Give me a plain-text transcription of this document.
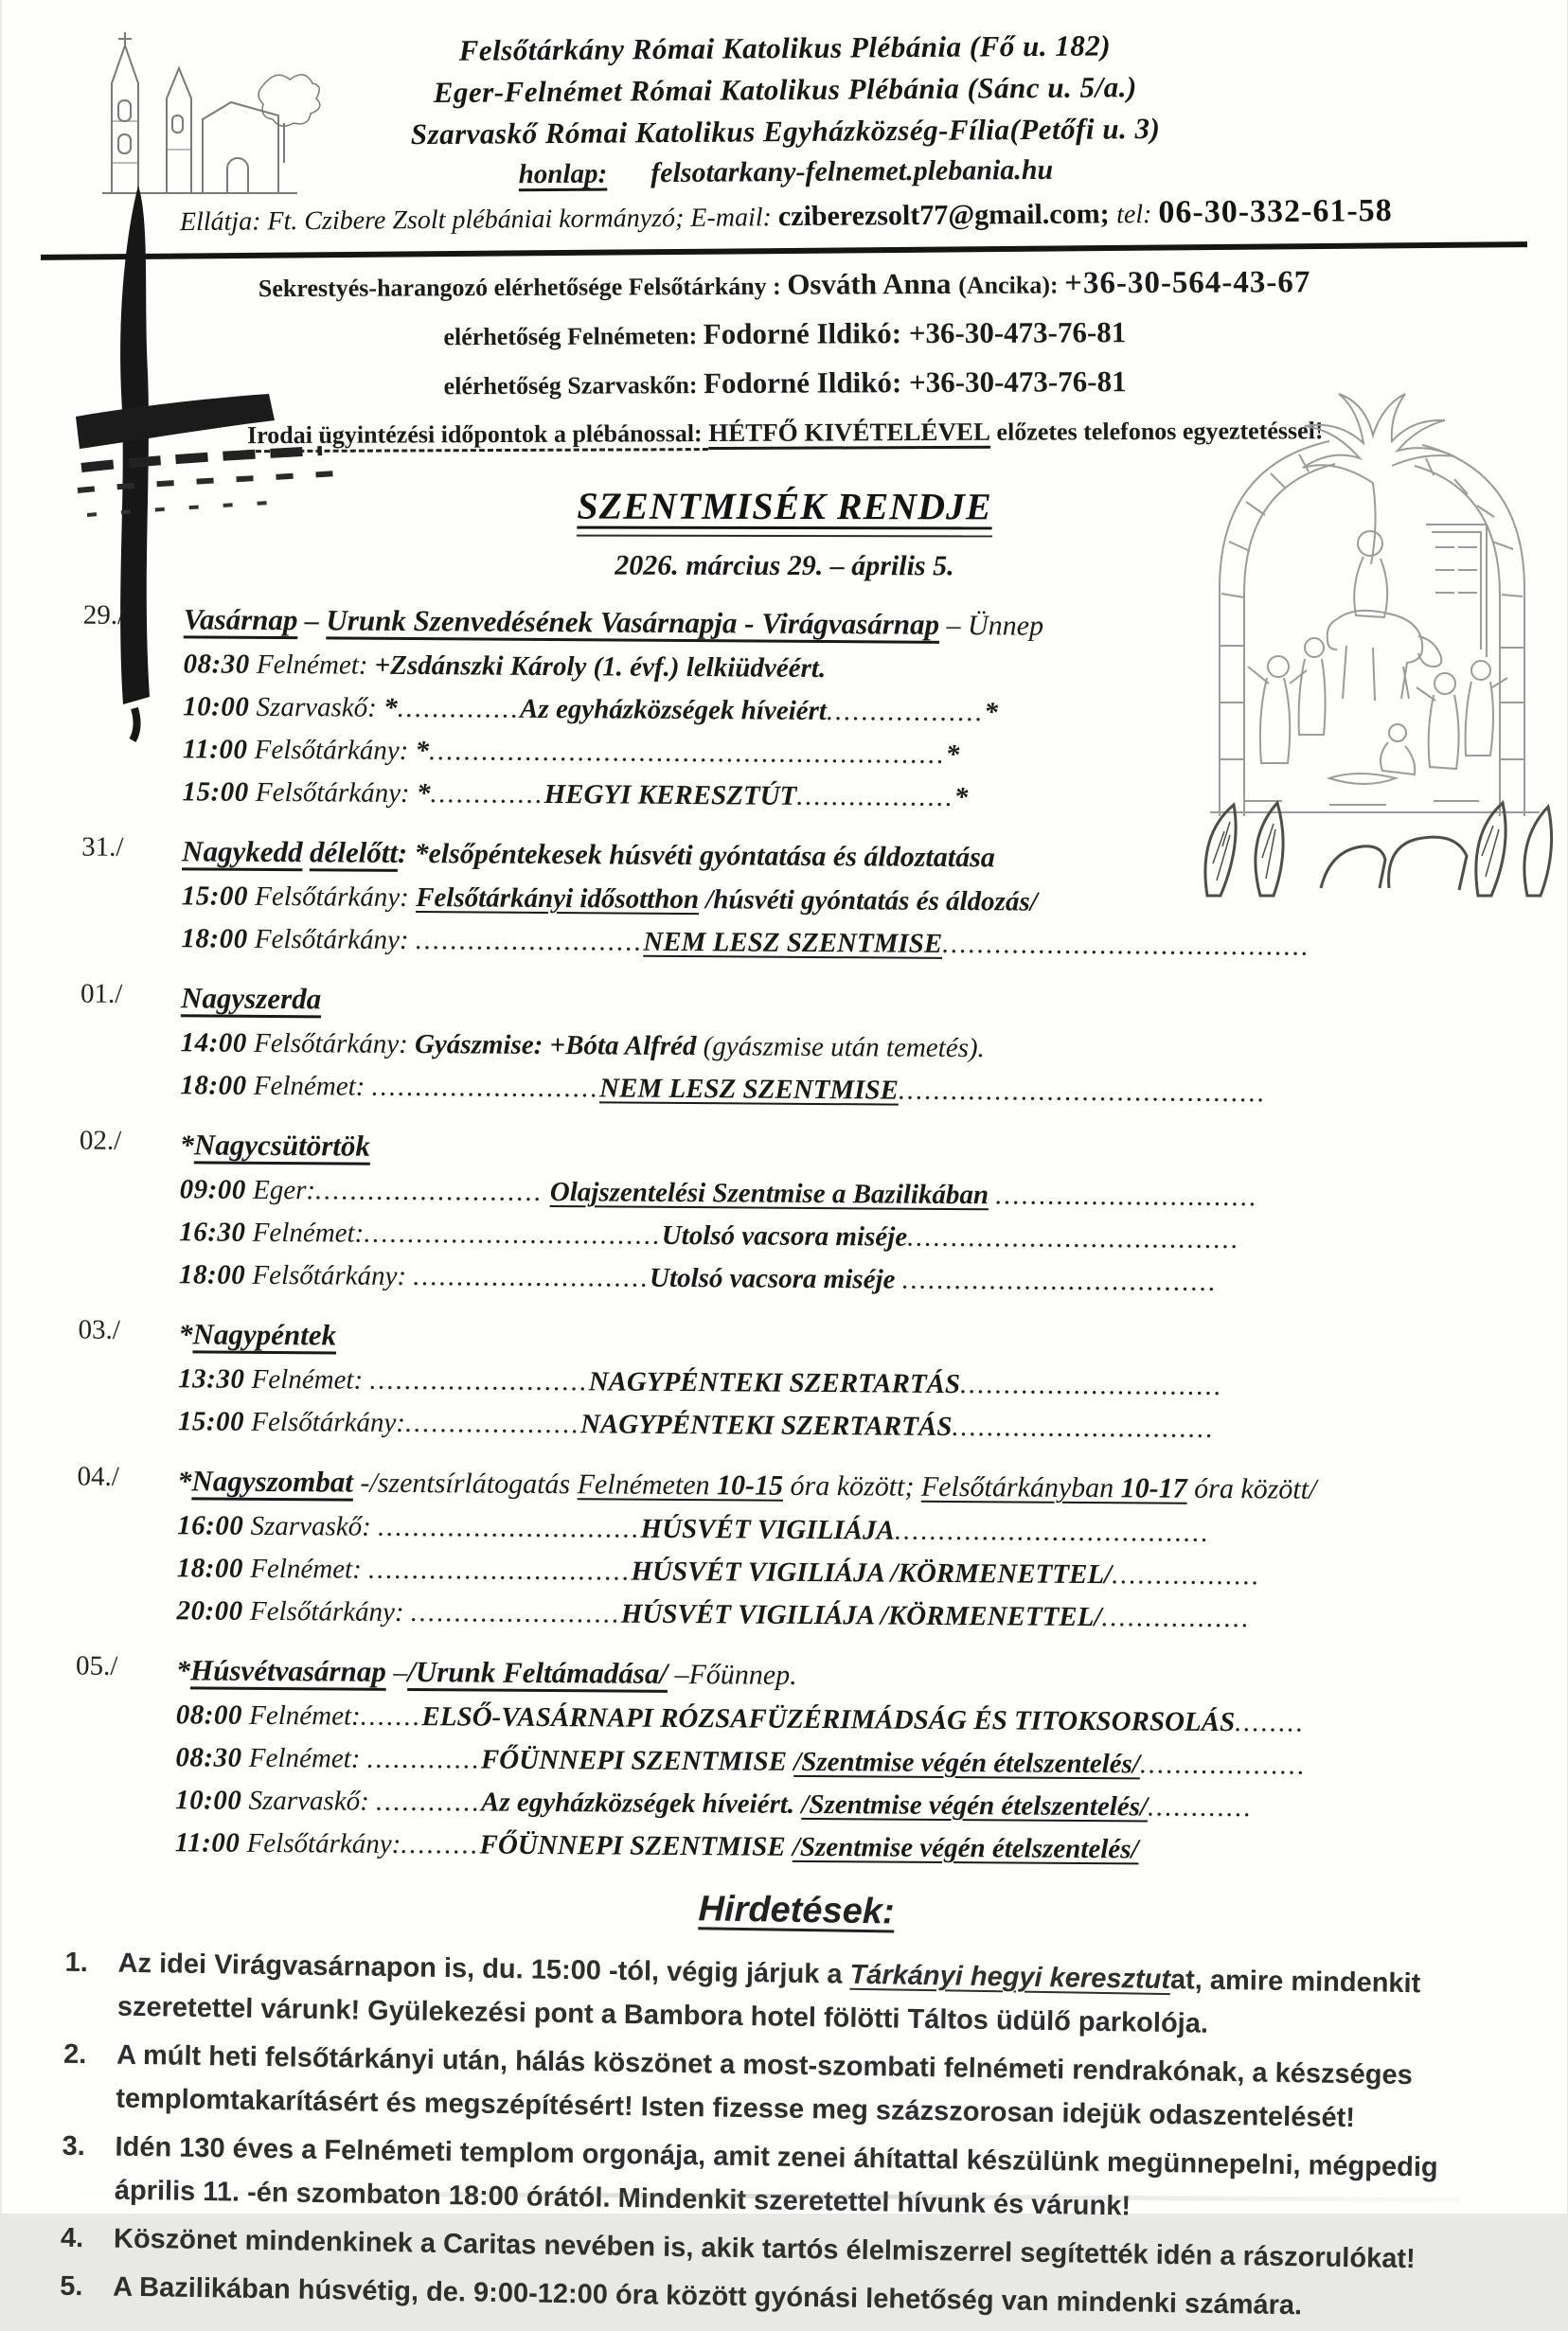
Felsőtárkány Római Katolikus Plébánia (Fő u. 182)
Eger-Felnémet Római Katolikus Plébánia (Sánc u. 5/a.)
Szarvaskő Római Katolikus Egyházközség-Fília(Petőfi u. 3)
honlap: felsotarkany-felnemet.plebania.hu
Ellátja: Ft. Czibere Zsolt plébániai kormányzó; E-mail: cziberezsolt77@gmail.com; tel: 06-30-332-61-58
Sekrestyés-harangozó elérhetősége Felsőtárkány : Osváth Anna (Ancika): +36-30-564-43-67
elérhetőség Felnémeten: Fodorné Ildikó: +36-30-473-76-81
elérhetőség Szarvaskőn: Fodorné Ildikó: +36-30-473-76-81
Irodai ügyintézési időpontok a plébánossal: HÉTFŐ KIVÉTELÉVEL előzetes telefonos egyeztetéssel!
SZENTMISÉK RENDJE
2026. március 29. – április 5.
29./	Vasárnap – Urunk Szenvedésének Vasárnapja - Virágvasárnap – Ünnep
08:30 Felnémet: +Zsdánszki Károly (1. évf.) lelkiüdvéért.
10:00 Szarvaskő: *..............Az egyházközségek híveiért..................*
11:00 Felsőtárkány: *...........................................................*
15:00 Felsőtárkány: *.............HEGYI KERESZTÚT..................*
31./	Nagykedd délelőtt: *elsőpéntekesek húsvéti gyóntatása és áldoztatása
15:00 Felsőtárkány: Felsőtárkányi idősotthon /húsvéti gyóntatás és áldozás/
18:00 Felsőtárkány: ..........................NEM LESZ SZENTMISE..........................................
01./	Nagyszerda
14:00 Felsőtárkány: Gyászmise: +Bóta Alfréd (gyászmise után temetés).
18:00 Felnémet: ..........................NEM LESZ SZENTMISE..........................................
02./	*Nagycsütörtök
09:00 Eger:.......................... Olajszentelési Szentmise a Bazilikában ..............................
16:30 Felnémet:..................................Utolsó vacsora miséje......................................
18:00 Felsőtárkány: ...........................Utolsó vacsora miséje ....................................
03./	*Nagypéntek
13:30 Felnémet: .........................NAGYPÉNTEKI SZERTARTÁS..............................
15:00 Felsőtárkány:....................NAGYPÉNTEKI SZERTARTÁS..............................
04./	*Nagyszombat -/szentsírlátogatás Felnémeten 10-15 óra között; Felsőtárkányban 10-17 óra között/
16:00 Szarvaskő: ..............................HÚSVÉT VIGILIÁJA....................................
18:00 Felnémet: ..............................HÚSVÉT VIGILIÁJA /KÖRMENETTEL/.................
20:00 Felsőtárkány: ........................HÚSVÉT VIGILIÁJA /KÖRMENETTEL/.................
05./	*Húsvétvasárnap –/Urunk Feltámadása/ –Főünnep.
08:00 Felnémet:.......ELSŐ-VASÁRNAPI RÓZSAFÜZÉRIMÁDSÁG ÉS TITOKSORSOLÁS........
08:30 Felnémet: .............FŐÜNNEPI SZENTMISE /Szentmise végén ételszentelés/...................
10:00 Szarvaskő: ............Az egyházközségek híveiért. /Szentmise végén ételszentelés/............
11:00 Felsőtárkány:.........FŐÜNNEPI SZENTMISE /Szentmise végén ételszentelés/
Hirdetések:
1.	Az idei Virágvasárnapon is, du. 15:00 -tól, végig járjuk a Tárkányi hegyi keresztutat, amire mindenkit szeretettel várunk! Gyülekezési pont a Bambora hotel fölötti Táltos üdülő parkolója.
2.	A múlt heti felsőtárkányi után, hálás köszönet a most-szombati felnémeti rendrakónak, a készséges templomtakarításért és megszépítésért! Isten fizesse meg százszorosan idejük odaszentelését!
3.	Idén 130 éves a Felnémeti templom orgonája, amit zenei áhítattal készülünk megünnepelni, mégpedig április 11. -én szombaton 18:00 órától. Mindenkit szeretettel hívunk és várunk!
4.	Köszönet mindenkinek a Caritas nevében is, akik tartós élelmiszerrel segítették idén a rászorulókat!
5.	A Bazilikában húsvétig, de. 9:00-12:00 óra között gyónási lehetőség van mindenki számára.
